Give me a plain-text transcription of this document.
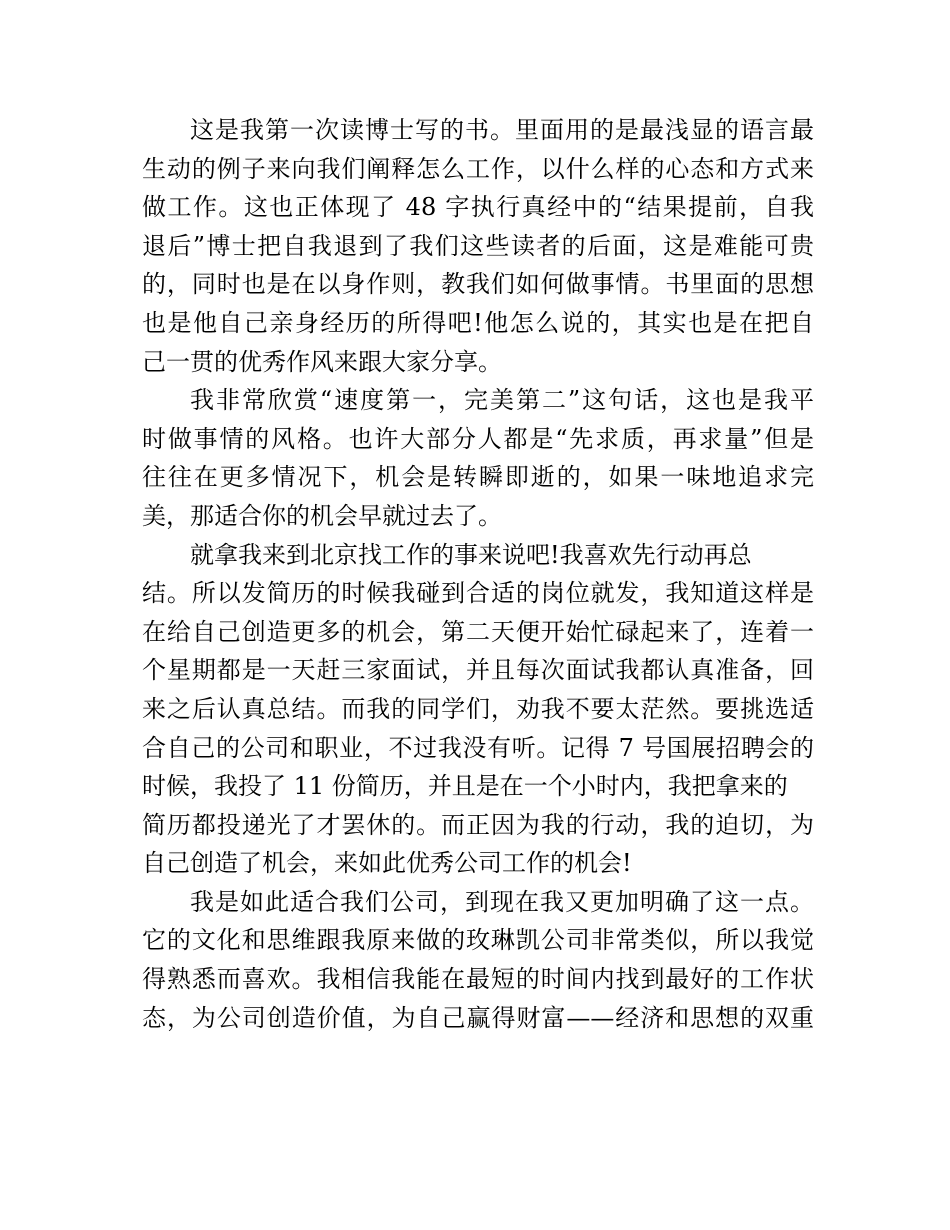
这是我第一次读博士写的书。里面用的是最浅显的语言最
生动的例子来向我们阐释怎么工作，以什么样的心态和方式来
做工作。这也正体现了 48 字执行真经中的“结果提前，自我
退后”博士把自我退到了我们这些读者的后面，这是难能可贵
的，同时也是在以身作则，教我们如何做事情。书里面的思想
也是他自己亲身经历的所得吧!他怎么说的，其实也是在把自
己一贯的优秀作风来跟大家分享。
我非常欣赏“速度第一，完美第二”这句话，这也是我平
时做事情的风格。也许大部分人都是“先求质，再求量”但是
往往在更多情况下，机会是转瞬即逝的，如果一味地追求完
美，那适合你的机会早就过去了。
就拿我来到北京找工作的事来说吧!我喜欢先行动再总
结。所以发简历的时候我碰到合适的岗位就发，我知道这样是
在给自己创造更多的机会，第二天便开始忙碌起来了，连着一
个星期都是一天赶三家面试，并且每次面试我都认真准备，回
来之后认真总结。而我的同学们，劝我不要太茫然。要挑选适
合自己的公司和职业，不过我没有听。记得 7 号国展招聘会的
时候，我投了 11 份简历，并且是在一个小时内，我把拿来的
简历都投递光了才罢休的。而正因为我的行动，我的迫切，为
自己创造了机会，来如此优秀公司工作的机会!
我是如此适合我们公司，到现在我又更加明确了这一点。
它的文化和思维跟我原来做的玫琳凯公司非常类似，所以我觉
得熟悉而喜欢。我相信我能在最短的时间内找到最好的工作状
态，为公司创造价值，为自己赢得财富——经济和思想的双重
